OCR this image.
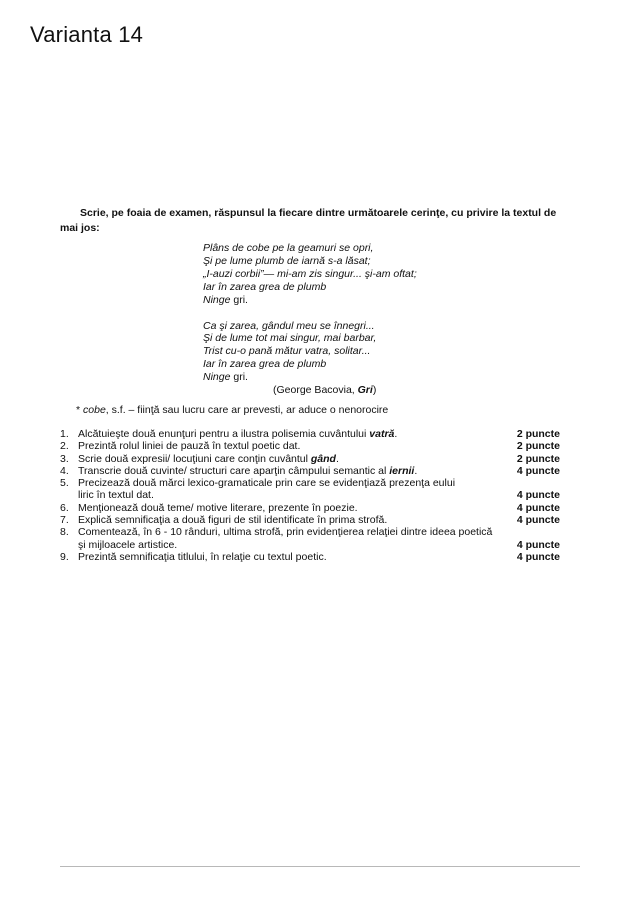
Varianta 14
Scrie, pe foaia de examen, răspunsul la fiecare dintre următoarele cerinţe, cu privire la textul de mai jos:
Plâns de cobe pe la geamuri se opri,
Şi pe lume plumb de iarnă s-a lăsat;
„I-auzi corbii”— mi-am zis singur... şi-am oftat;
Iar în zarea grea de plumb
Ninge gri.
Ca şi zarea, gândul meu se înnegri...
Şi de lume tot mai singur, mai barbar,
Trist cu-o pană mătur vatra, solitar...
Iar în zarea grea de plumb
Ninge gri.
(George Bacovia, Gri)
* cobe, s.f. – fiinţă sau lucru care ar prevesti, ar aduce o nenorocire
1. Alcătuieşte două enunţuri pentru a ilustra polisemia cuvântului vatră.	2 puncte
2. Prezintă rolul liniei de pauză în textul poetic dat.	2 puncte
3. Scrie două expresii/ locuţiuni care conţin cuvântul gând.	2 puncte
4. Transcrie două cuvinte/ structuri care aparţin câmpului semantic al iernii.	4 puncte
5. Precizează două mărci lexico-gramaticale prin care se evidenţiază prezenţa eului liric în textul dat.	4 puncte
6. Menţionează două teme/ motive literare, prezente în poezie.	4 puncte
7. Explică semnificaţia a două figuri de stil identificate în prima strofă.	4 puncte
8. Comentează, în 6 - 10 rânduri, ultima strofă, prin evidenţierea relaţiei dintre ideea poetică şi mijloacele artistice.	4 puncte
9. Prezintă semnificaţia titlului, în relaţie cu textul poetic.	4 puncte
